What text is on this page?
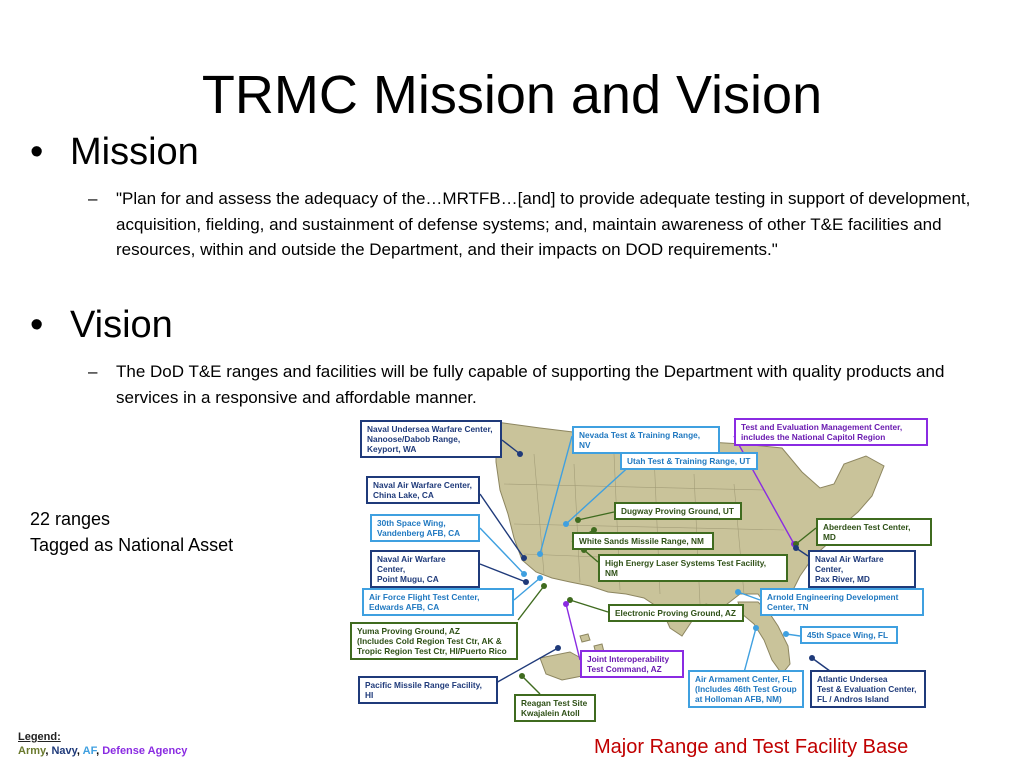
TRMC Mission and Vision
• Mission
– "Plan for and assess the adequacy of the…MRTFB…[and] to provide adequate testing in support of development, acquisition, fielding, and sustainment of defense systems; and, maintain awareness of other T&E facilities and resources, within and outside the Department, and their impacts on DOD requirements."
• Vision
– The DoD T&E ranges and facilities will be fully capable of supporting the Department with quality products and services in a responsive and affordable manner.
22 ranges
Tagged as National Asset
Naval Undersea Warfare Center,
Nanoose/Dabob Range,
Keyport, WA
Nevada Test & Training Range, NV
Test and Evaluation Management Center,
includes the National Capitol Region
Utah Test & Training Range, UT
Naval Air Warfare Center,
China Lake, CA
Dugway Proving Ground, UT
30th Space Wing,
Vandenberg AFB, CA
Aberdeen Test Center, MD
White Sands Missile Range, NM
Naval Air Warfare Center,
Point Mugu, CA
High Energy Laser Systems Test Facility, NM
Naval Air Warfare Center,
Pax River, MD
Air Force Flight Test Center,
Edwards AFB, CA
Arnold Engineering Development
Center, TN
Electronic Proving Ground, AZ
Yuma Proving Ground, AZ
(Includes Cold Region Test Ctr, AK &
Tropic Region Test Ctr, HI/Puerto Rico
45th Space Wing, FL
Joint Interoperability
Test Command, AZ
Pacific Missile Range Facility, HI
Air Armament Center, FL
(Includes 46th Test Group
at Holloman AFB, NM)
Atlantic Undersea
Test & Evaluation Center,
FL / Andros Island
Reagan Test Site
Kwajalein Atoll
Legend:
Army, Navy, AF, Defense Agency	Major Range and Test Facility Base
